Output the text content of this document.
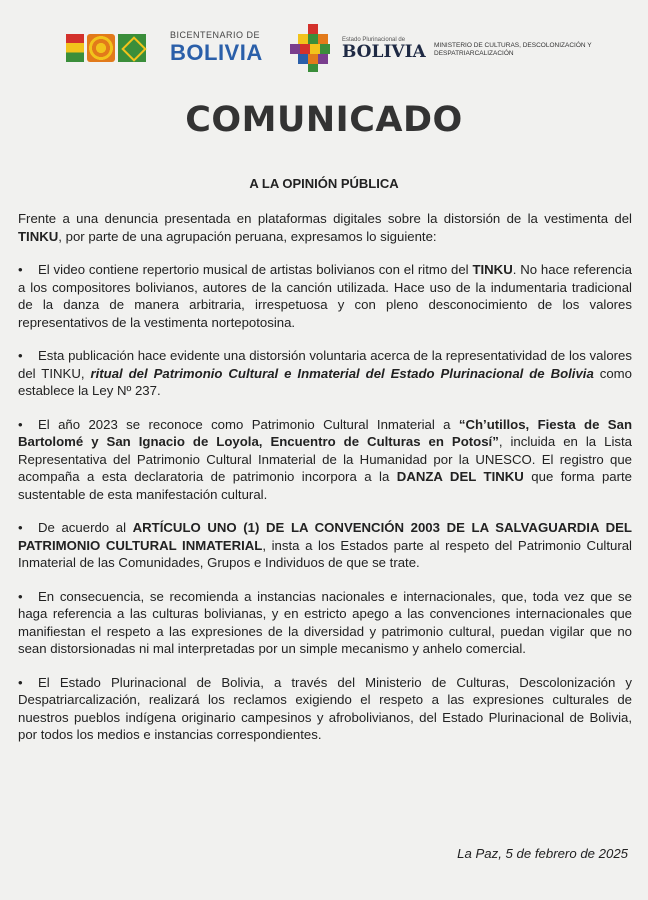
BICENTENARIO DE
BOLIVIA	Estado Plurinacional de
BOLIVIA MINISTERIO DE CULTURAS, DESCOLONIZACIÓN Y DESPATRIARCALIZACIÓN
COMUNICADO
A LA OPINIÓN PÚBLICA

Frente a una denuncia presentada en plataformas digitales sobre la distorsión de la vestimenta del TINKU, por parte de una agrupación peruana, expresamos lo siguiente:

• El video contiene repertorio musical de artistas bolivianos con el ritmo del TINKU. No hace referencia a los compositores bolivianos, autores de la canción utilizada. Hace uso de la indumentaria tradicional de la danza de manera arbitraria, irrespetuosa y con pleno desconocimiento de los valores representativos de la vestimenta nortepotosina.

• Esta publicación hace evidente una distorsión voluntaria acerca de la representatividad de los valores del TINKU, ritual del Patrimonio Cultural e Inmaterial del Estado Plurinacional de Bolivia como establece la Ley Nº 237.

• El año 2023 se reconoce como Patrimonio Cultural Inmaterial a “Ch’utillos, Fiesta de San Bartolomé y San Ignacio de Loyola, Encuentro de Culturas en Potosí”, incluida en la Lista Representativa del Patrimonio Cultural Inmaterial de la Humanidad por la UNESCO. El registro que acompaña a esta declaratoria de patrimonio incorpora a la DANZA DEL TINKU que forma parte sustentable de esta manifestación cultural.

• De acuerdo al ARTÍCULO UNO (1) DE LA CONVENCIÓN 2003 DE LA SALVAGUARDIA DEL PATRIMONIO CULTURAL INMATERIAL, insta a los Estados parte al respeto del Patrimonio Cultural Inmaterial de las Comunidades, Grupos e Individuos de que se trate.

• En consecuencia, se recomienda a instancias nacionales e internacionales, que, toda vez que se haga referencia a las culturas bolivianas, y en estricto apego a las convenciones internacionales que manifiestan el respeto a las expresiones de la diversidad y patrimonio cultural, puedan vigilar que no sean distorsionadas ni mal interpretadas por un simple mecanismo y anhelo comercial.

• El Estado Plurinacional de Bolivia, a través del Ministerio de Culturas, Descolonización y Despatriarcalización, realizará los reclamos exigiendo el respeto a las expresiones culturales de nuestros pueblos indígena originario campesinos y afrobolivianos, del Estado Plurinacional de Bolivia, por todos los medios e instancias correspondientes.

La Paz, 5 de febrero de 2025
